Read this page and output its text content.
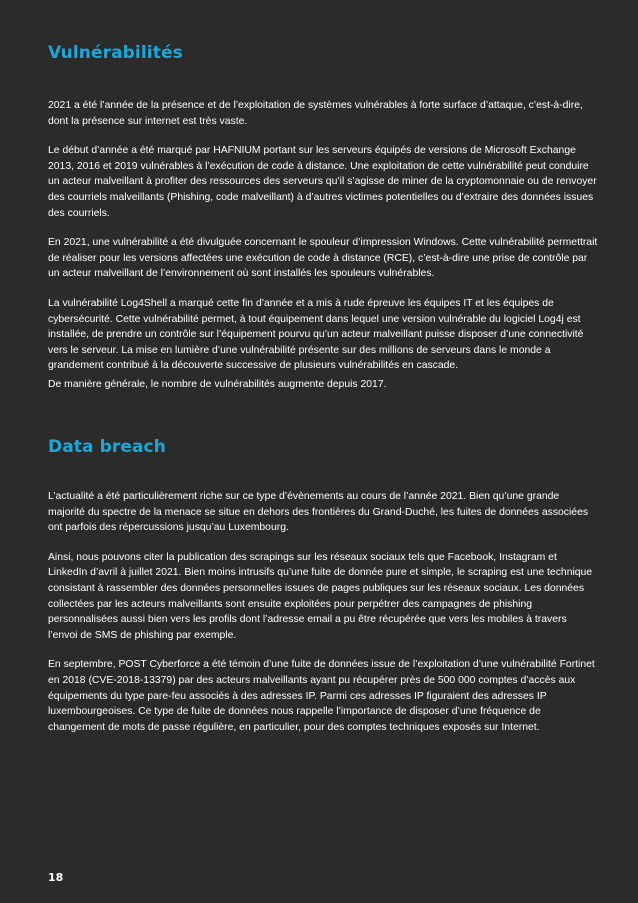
Vulnérabilités

2021 a été l’année de la présence et de l’exploitation de systèmes vulnérables à forte surface d’attaque, c’est-à-dire, dont la présence sur internet est très vaste.

Le début d’année a été marqué par HAFNIUM portant sur les serveurs équipés de versions de Microsoft Exchange 2013, 2016 et 2019 vulnérables à l’exécution de code à distance. Une exploitation de cette vulnérabilité peut conduire un acteur malveillant à profiter des ressources des serveurs qu’il s’agisse de miner de la cryptomonnaie ou de renvoyer des courriels malveillants (Phishing, code malveillant) à d’autres victimes potentielles ou d’extraire des données issues des courriels.

En 2021, une vulnérabilité a été divulguée concernant le spouleur d’impression Windows. Cette vulnérabilité permettrait de réaliser pour les versions affectées une exécution de code à distance (RCE), c’est-à-dire une prise de contrôle par un acteur malveillant de l’environnement où sont installés les spouleurs vulnérables.

La vulnérabilité Log4Shell a marqué cette fin d’année et a mis à rude épreuve les équipes IT et les équipes de cybersécurité. Cette vulnérabilité permet, à tout équipement dans lequel une version vulnérable du logiciel Log4j est installée, de prendre un contrôle sur l’équipement pourvu qu’un acteur malveillant puisse disposer d’une connectivité vers le serveur. La mise en lumière d’une vulnérabilité présente sur des millions de serveurs dans le monde a grandement contribué à la découverte successive de plusieurs vulnérabilités en cascade.

De manière générale, le nombre de vulnérabilités augmente depuis 2017.

Data breach

L’actualité a été particulièrement riche sur ce type d’évènements au cours de l’année 2021. Bien qu’une grande majorité du spectre de la menace se situe en dehors des frontières du Grand-Duché, les fuites de données associées ont parfois des répercussions jusqu’au Luxembourg.

Ainsi, nous pouvons citer la publication des scrapings sur les réseaux sociaux tels que Facebook, Instagram et LinkedIn d’avril à juillet 2021. Bien moins intrusifs qu’une fuite de donnée pure et simple, le scraping est une technique consistant à rassembler des données personnelles issues de pages publiques sur les réseaux sociaux. Les données collectées par les acteurs malveillants sont ensuite exploitées pour perpétrer des campagnes de phishing personnalisées aussi bien vers les profils dont l’adresse email a pu être récupérée que vers les mobiles à travers l’envoi de SMS de phishing par exemple.

En septembre, POST Cyberforce a été témoin d’une fuite de données issue de l’exploitation d’une vulnérabilité Fortinet en 2018 (CVE-2018-13379) par des acteurs malveillants ayant pu récupérer près de 500 000 comptes d’accès aux équipements du type pare-feu associés à des adresses IP. Parmi ces adresses IP figuraient des adresses IP luxembourgeoises. Ce type de fuite de données nous rappelle l’importance de disposer d’une fréquence de changement de mots de passe régulière, en particulier, pour des comptes techniques exposés sur Internet.

18
